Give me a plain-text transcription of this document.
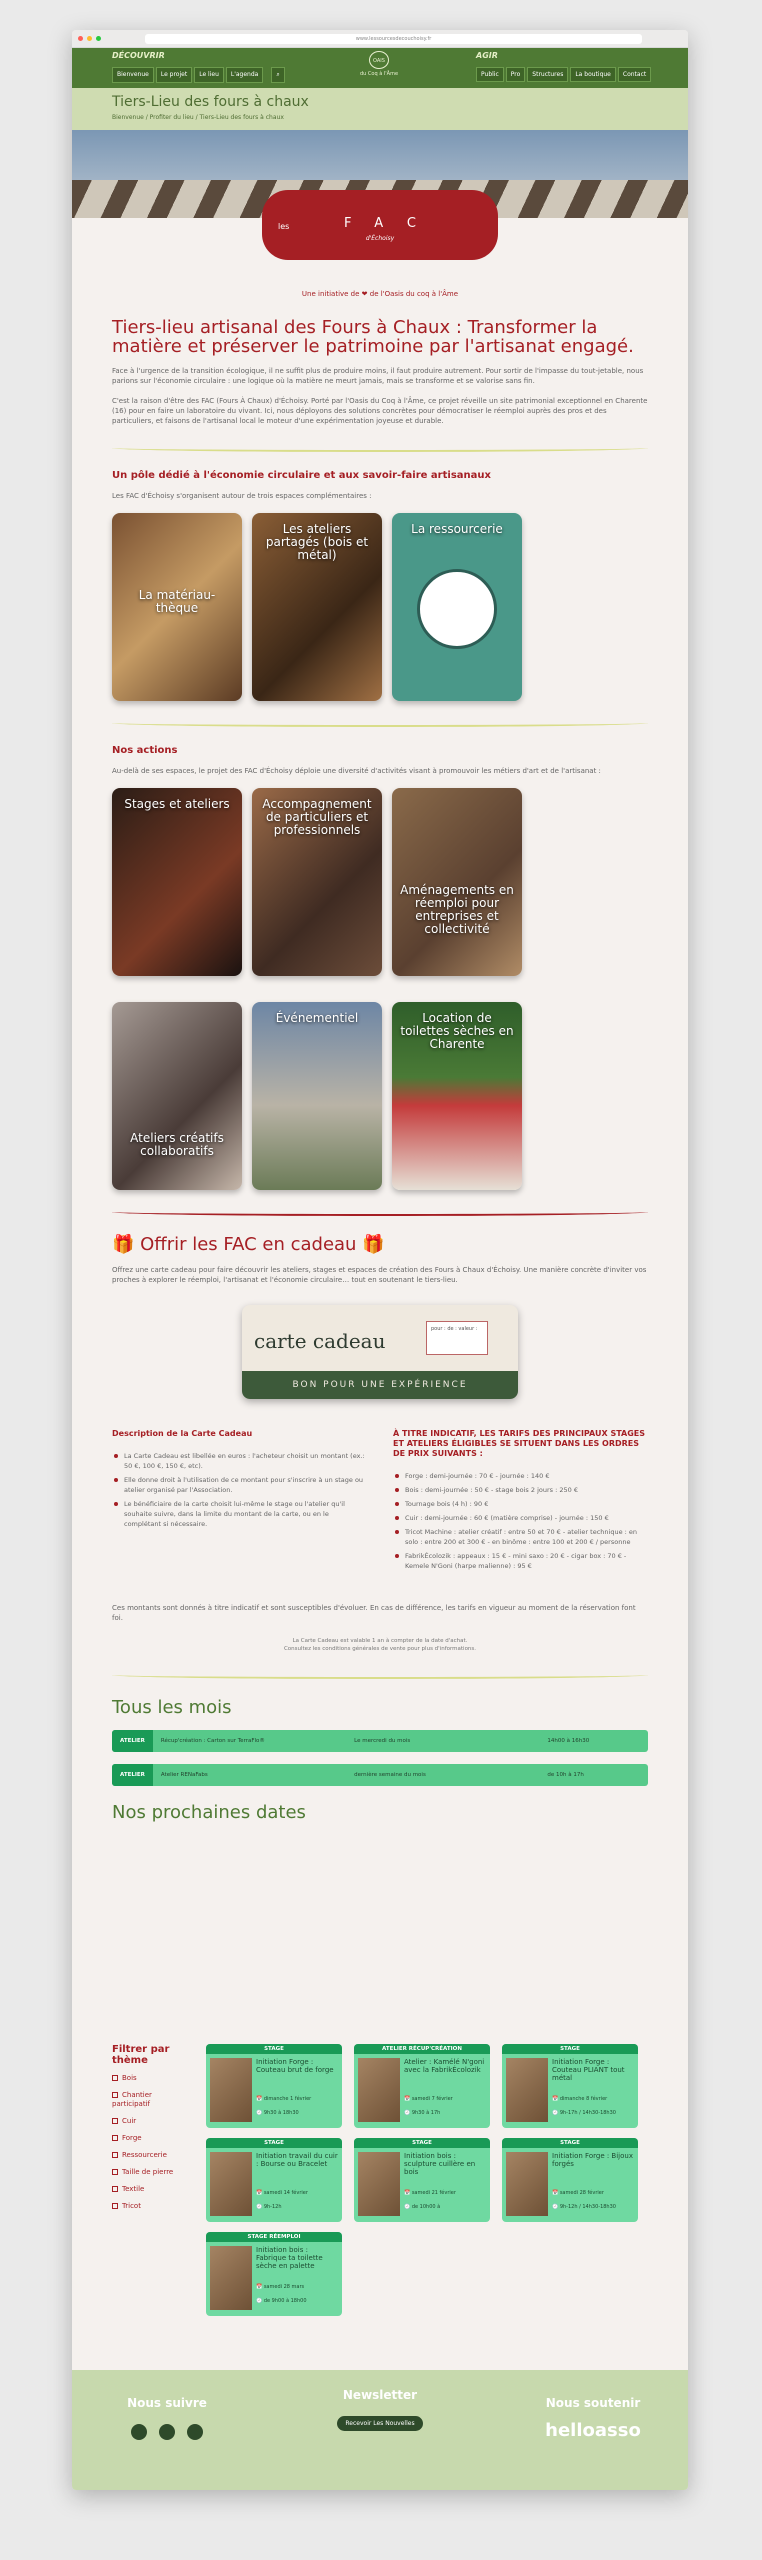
www.lessourcesdecouchoisy.fr
DÉCOUVRIR
Bienvenue	Le projet	Le lieu	L'agenda	⌕
OAIS
du Coq à l'Âme
AGIR
Public	Pro	Structures	La boutique	Contact
Tiers-Lieu des fours à chaux
Bienvenue / Profiter du lieu / Tiers-Lieu des fours à chaux
les	FAC
d'Échoisy
Une initiative de ❤ de l'Oasis du coq à l'Âme
Tiers-lieu artisanal des Fours à Chaux : Transformer la matière et préserver le patrimoine par l'artisanat engagé.

Face à l'urgence de la transition écologique, il ne suffit plus de produire moins, il faut produire autrement. Pour sortir de l'impasse du tout-jetable, nous parions sur l'économie circulaire : une logique où la matière ne meurt jamais, mais se transforme et se valorise sans fin.

C'est la raison d'être des FAC (Fours À Chaux) d'Échoisy. Porté par l'Oasis du Coq à l'Âme, ce projet réveille un site patrimonial exceptionnel en Charente (16) pour en faire un laboratoire du vivant. Ici, nous déployons des solutions concrètes pour démocratiser le réemploi auprès des pros et des particuliers, et faisons de l'artisanal local le moteur d'une expérimentation joyeuse et durable.

Un pôle dédié à l'économie circulaire et aux savoir-faire artisanaux

Les FAC d'Échoisy s'organisent autour de trois espaces complémentaires :

La matériau-thèque
Les ateliers partagés (bois et métal)
La ressourcerie
Nos actions

Au-delà de ses espaces, le projet des FAC d'Échoisy déploie une diversité d'activités visant à promouvoir les métiers d'art et de l'artisanat :

Stages et ateliers	Accompagnement de particuliers et professionnels
Aménagements en réemploi pour entreprises et collectivité
Ateliers créatifs collaboratifs
Événementiel	Location de toilettes sèches en Charente
🎁 Offrir les FAC en cadeau 🎁

Offrez une carte cadeau pour faire découvrir les ateliers, stages et espaces de création des Fours à Chaux d'Échoisy. Une manière concrète d'inviter vos proches à explorer le réemploi, l'artisanat et l'économie circulaire… tout en soutenant le tiers-lieu.

carte cadeau	pour : de : valeur :
BON POUR UNE EXPÉRIENCE
Description de la Carte Cadeau
La Carte Cadeau est libellée en euros : l'acheteur choisit un montant (ex.: 50 €, 100 €, 150 €, etc).
Elle donne droit à l'utilisation de ce montant pour s'inscrire à un stage ou atelier organisé par l'Association.
Le bénéficiaire de la carte choisit lui-même le stage ou l'atelier qu'il souhaite suivre, dans la limite du montant de la carte, ou en le complétant si nécessaire.
À TITRE INDICATIF, LES TARIFS DES PRINCIPAUX STAGES ET ATELIERS ÉLIGIBLES SE SITUENT DANS LES ORDRES DE PRIX SUIVANTS :
Forge : demi-journée : 70 € - journée : 140 €
Bois : demi-journée : 50 € - stage bois 2 jours : 250 €
Tournage bois (4 h) : 90 €
Cuir : demi-journée : 60 € (matière comprise) - journée : 150 €
Tricot Machine : atelier créatif : entre 50 et 70 € - atelier technique : en solo : entre 200 et 300 € - en binôme : entre 100 et 200 € / personne
FabrikÉcolozik : appeaux : 15 € - mini saxo : 20 € - cigar box : 70 € - Kemele N'Goni (harpe malienne) : 95 €

Ces montants sont donnés à titre indicatif et sont susceptibles d'évoluer. En cas de différence, les tarifs en vigueur au moment de la réservation font foi.

La Carte Cadeau est valable 1 an à compter de la date d'achat.
Consultez les conditions générales de vente pour plus d'informations.
Tous les mois
ATELIER	Récup'création : Carton sur TerraFlo®	Le mercredi du mois	14h00 à 16h30
ATELIER	Atelier RENaFabs	dernière semaine du mois	de 10h à 17h
Nos prochaines dates
Filtrer par thème
Bois
Chantier participatif
Cuir
Forge
Ressourcerie
Taille de pierre
Textile
Tricot
STAGE
Initiation Forge : Couteau brut de forge
📅 dimanche 1 février
🕘 9h30 à 18h30
ATELIER RÉCUP'CRÉATION
Atelier : Kamélé N'goni avec la FabrikÉcolozik
📅 samedi 7 février
🕘 9h30 à 17h
STAGE
Initiation Forge : Couteau PLIANT tout métal
📅 dimanche 8 février
🕘 9h-17h / 14h30-18h30
STAGE
Initiation travail du cuir : Bourse ou Bracelet
📅 samedi 14 février
🕘 9h-12h
STAGE
Initiation bois : sculpture cuillère en bois
📅 samedi 21 février
🕘 de 10h00 à
STAGE
Initiation Forge : Bijoux forgés
📅 samedi 28 février
🕘 9h-12h / 14h30-18h30
STAGE RÉEMPLOI
Initiation bois : Fabrique ta toilette sèche en palette
📅 samedi 28 mars
🕘 de 9h00 à 18h00
Nous suivre
Newsletter
Recevoir Les Nouvelles
Nous soutenir
helloasso
